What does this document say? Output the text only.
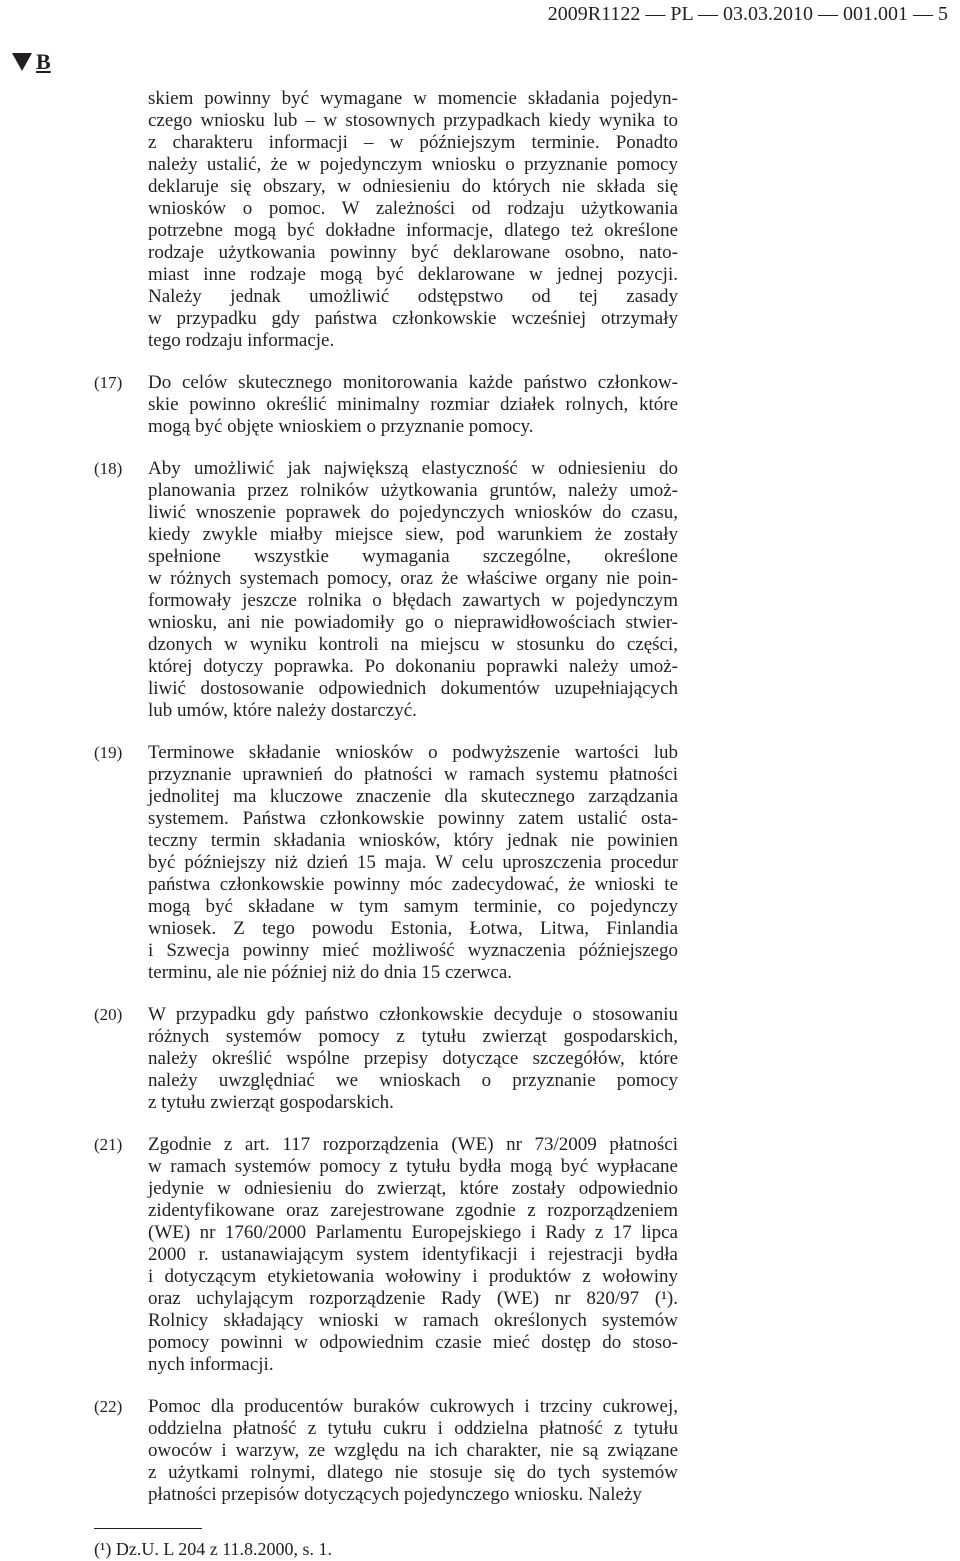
2009R1122 — PL — 03.03.2010 — 001.001 — 5
B
skiem powinny być wymagane w momencie składania pojedyn-
czego wniosku lub – w stosownych przypadkach kiedy wynika to
z charakteru informacji – w późniejszym terminie. Ponadto
należy ustalić, że w pojedynczym wniosku o przyznanie pomocy
deklaruje się obszary, w odniesieniu do których nie składa się
wniosków o pomoc. W zależności od rodzaju użytkowania
potrzebne mogą być dokładne informacje, dlatego też określone
rodzaje użytkowania powinny być deklarowane osobno, nato-
miast inne rodzaje mogą być deklarowane w jednej pozycji.
Należy jednak umożliwić odstępstwo od tej zasady
w przypadku gdy państwa członkowskie wcześniej otrzymały
tego rodzaju informacje.
(17) Do celów skutecznego monitorowania każde państwo członkow-
skie powinno określić minimalny rozmiar działek rolnych, które
mogą być objęte wnioskiem o przyznanie pomocy.
(18) Aby umożliwić jak największą elastyczność w odniesieniu do
planowania przez rolników użytkowania gruntów, należy umoż-
liwić wnoszenie poprawek do pojedynczych wniosków do czasu,
kiedy zwykle miałby miejsce siew, pod warunkiem że zostały
spełnione wszystkie wymagania szczególne, określone
w różnych systemach pomocy, oraz że właściwe organy nie poin-
formowały jeszcze rolnika o błędach zawartych w pojedynczym
wniosku, ani nie powiadomiły go o nieprawidłowościach stwier-
dzonych w wyniku kontroli na miejscu w stosunku do części,
której dotyczy poprawka. Po dokonaniu poprawki należy umoż-
liwić dostosowanie odpowiednich dokumentów uzupełniających
lub umów, które należy dostarczyć.
(19) Terminowe składanie wniosków o podwyższenie wartości lub
przyznanie uprawnień do płatności w ramach systemu płatności
jednolitej ma kluczowe znaczenie dla skutecznego zarządzania
systemem. Państwa członkowskie powinny zatem ustalić osta-
teczny termin składania wniosków, który jednak nie powinien
być późniejszy niż dzień 15 maja. W celu uproszczenia procedur
państwa członkowskie powinny móc zadecydować, że wnioski te
mogą być składane w tym samym terminie, co pojedynczy
wniosek. Z tego powodu Estonia, Łotwa, Litwa, Finlandia
i Szwecja powinny mieć możliwość wyznaczenia późniejszego
terminu, ale nie później niż do dnia 15 czerwca.
(20) W przypadku gdy państwo członkowskie decyduje o stosowaniu
różnych systemów pomocy z tytułu zwierząt gospodarskich,
należy określić wspólne przepisy dotyczące szczegółów, które
należy uwzględniać we wnioskach o przyznanie pomocy
z tytułu zwierząt gospodarskich.
(21) Zgodnie z art. 117 rozporządzenia (WE) nr 73/2009 płatności
w ramach systemów pomocy z tytułu bydła mogą być wypłacane
jedynie w odniesieniu do zwierząt, które zostały odpowiednio
zidentyfikowane oraz zarejestrowane zgodnie z rozporządzeniem
(WE) nr 1760/2000 Parlamentu Europejskiego i Rady z 17 lipca
2000 r. ustanawiającym system identyfikacji i rejestracji bydła
i dotyczącym etykietowania wołowiny i produktów z wołowiny
oraz uchylającym rozporządzenie Rady (WE) nr 820/97 (¹).
Rolnicy składający wnioski w ramach określonych systemów
pomocy powinni w odpowiednim czasie mieć dostęp do stoso-
nych informacji.
(22) Pomoc dla producentów buraków cukrowych i trzciny cukrowej,
oddzielna płatność z tytułu cukru i oddzielna płatność z tytułu
owoców i warzyw, ze względu na ich charakter, nie są związane
z użytkami rolnymi, dlatego nie stosuje się do tych systemów
płatności przepisów dotyczących pojedynczego wniosku. Należy
(¹) Dz.U. L 204 z 11.8.2000, s. 1.
